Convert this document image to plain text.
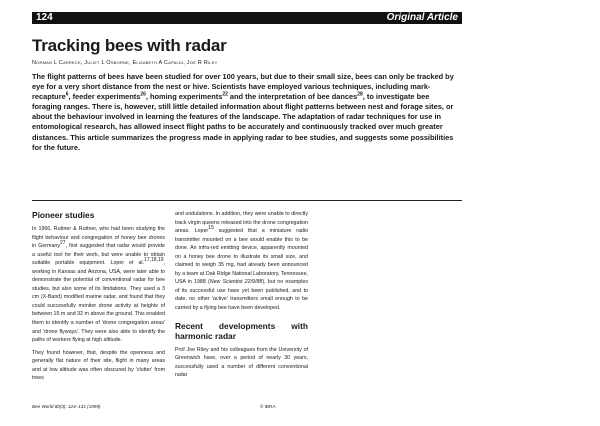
124	Original Article
Tracking bees with radar
Norman L Carreck, Juliet L Osborne, Elizabeth A Capaldi, Joe R Riley

The flight patterns of bees have been studied for over 100 years, but due to their small size, bees can only be tracked by eye for a very short distance from the nest or hive. Scientists have employed various techniques, including mark-recapture$^6$, feeder experiments$^{26}$, homing experiments$^{22}$ and the interpretation of bee dances$^{28}$, to investigate bee foraging ranges. There is, however, still little detailed information about flight patterns between nest and forage sites, or about the behaviour involved in learning the features of the landscape. The adaptation of radar techniques for use in entomological research, has allowed insect flight paths to be accurately and continuously tracked over much greater distances. This article summarizes the progress made in applying radar to bee studies, and suggests some possibilities for the future.

Pioneer studies

In 1966, Ruttner & Ruttner, who had been studying the flight behaviour and congregation of honey bee drones in Germany$^{27}$, first suggested that radar would provide a useful tool for their work, but were unable to obtain suitable portable equipment. Loper et al.$^{17,18,19}$, working in Kansas and Arizona, USA, were later able to demonstrate the potential of conventional radar for bee studies, but also some of its limitations. They used a 3 cm (X-Band) modified marine radar, and found that they could successfully monitor drone activity at heights of between 15 m and 32 m above the ground. This enabled them to identify a number of 'drone congregation areas' and 'drone flyways'. They were also able to identify the paths of workers flying at high altitude.

They found however, that, despite the openness and generally flat nature of their site, flight in many areas and at low altitude was often obscured by 'clutter' from trees

and undulations. In addition, they were unable to directly track virgin queens released into the drone congregation areas. Loper$^{15}$ suggested that a miniature radio transmitter mounted on a bee would enable this to be done. An infra-red emitting device, apparently mounted on a honey bee drone to illustrate its small size, and claimed to weigh 35 mg, had already been announced by a team at Oak Ridge National Laboratory, Tennessee, USA in 1988 (New Scientist 22/9/88), but no examples of its successful use have yet been published, and to date, no other 'active' transmitters small enough to be carried by a flying bee have been developed.

Recent developments with harmonic radar

Prof Joe Riley and his colleagues from the University of Greenwich have, over a period of nearly 30 years, successfully used a number of different conventional radar

Bee World 80(3): 124–131 (1999)	© IBRA
